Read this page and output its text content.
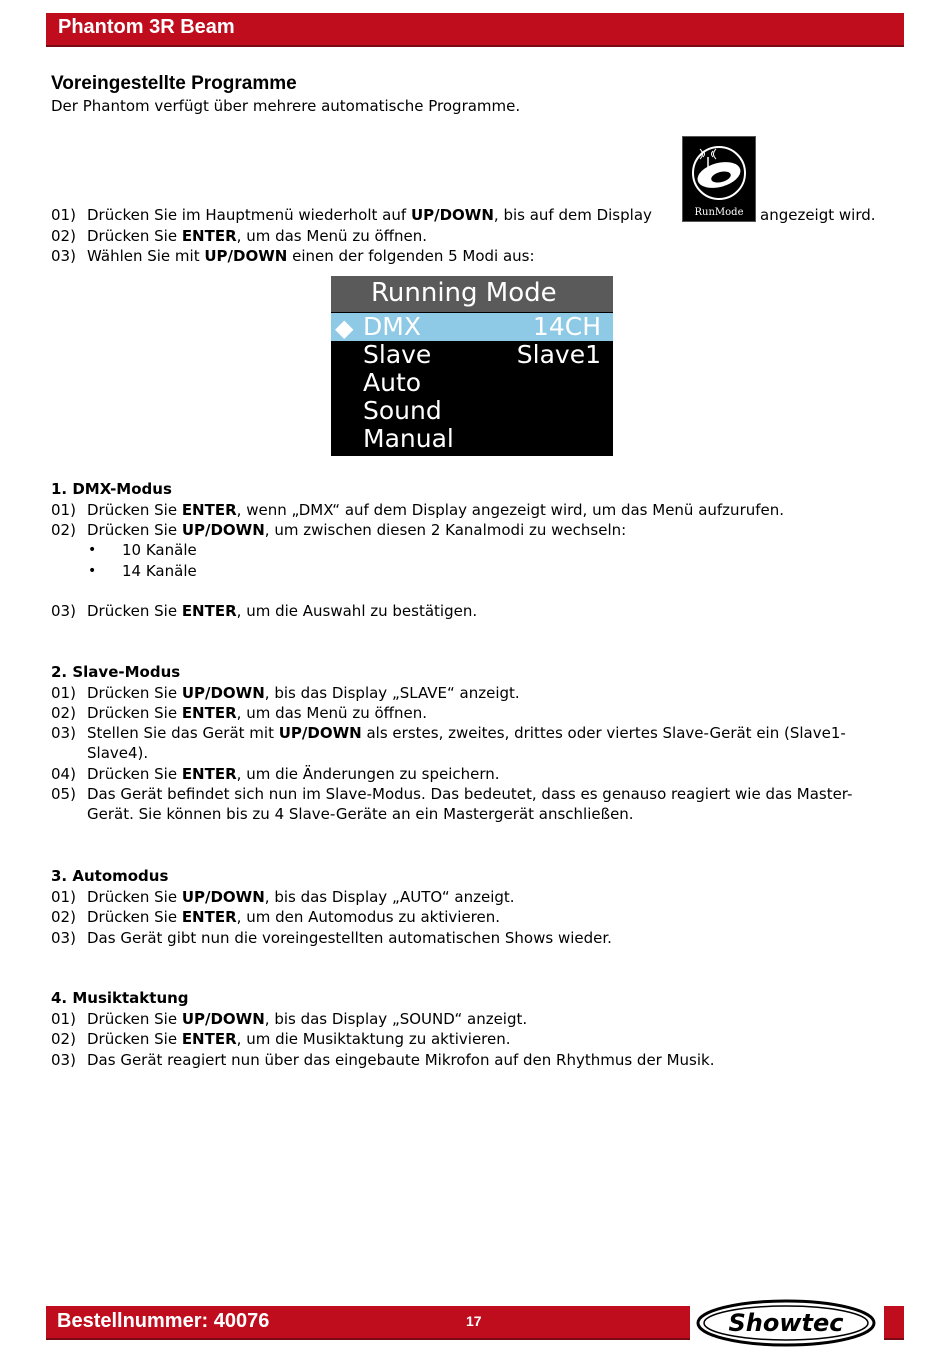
Phantom 3R Beam
Voreingestellte Programme
Der Phantom verfügt über mehrere automatische Programme.
RunMode
01) Drücken Sie im Hauptmenü wiederholt auf UP/DOWN, bis auf dem Display	angezeigt wird.
02) Drücken Sie ENTER, um das Menü zu öffnen.
03) Wählen Sie mit UP/DOWN einen der folgenden 5 Modi aus:
Running Mode
◆ DMX	14CH
Slave	Slave1
Auto
Sound
Manual
1. DMX-Modus
01) Drücken Sie ENTER, wenn „DMX“ auf dem Display angezeigt wird, um das Menü aufzurufen.
02) Drücken Sie UP/DOWN, um zwischen diesen 2 Kanalmodi zu wechseln:
• 10 Kanäle
• 14 Kanäle
03) Drücken Sie ENTER, um die Auswahl zu bestätigen.
2. Slave-Modus
01) Drücken Sie UP/DOWN, bis das Display „SLAVE“ anzeigt.
02) Drücken Sie ENTER, um das Menü zu öffnen.
03) Stellen Sie das Gerät mit UP/DOWN als erstes, zweites, drittes oder viertes Slave-Gerät ein (Slave1-Slave4).
04) Drücken Sie ENTER, um die Änderungen zu speichern.
05) Das Gerät befindet sich nun im Slave-Modus. Das bedeutet, dass es genauso reagiert wie das Master-Gerät. Sie können bis zu 4 Slave-Geräte an ein Mastergerät anschließen.
3. Automodus
01) Drücken Sie UP/DOWN, bis das Display „AUTO“ anzeigt.
02) Drücken Sie ENTER, um den Automodus zu aktivieren.
03) Das Gerät gibt nun die voreingestellten automatischen Shows wieder.
4. Musiktaktung
01) Drücken Sie UP/DOWN, bis das Display „SOUND“ anzeigt.
02) Drücken Sie ENTER, um die Musiktaktung zu aktivieren.
03) Das Gerät reagiert nun über das eingebaute Mikrofon auf den Rhythmus der Musik.
Bestellnummer: 40076	17	Showtec
